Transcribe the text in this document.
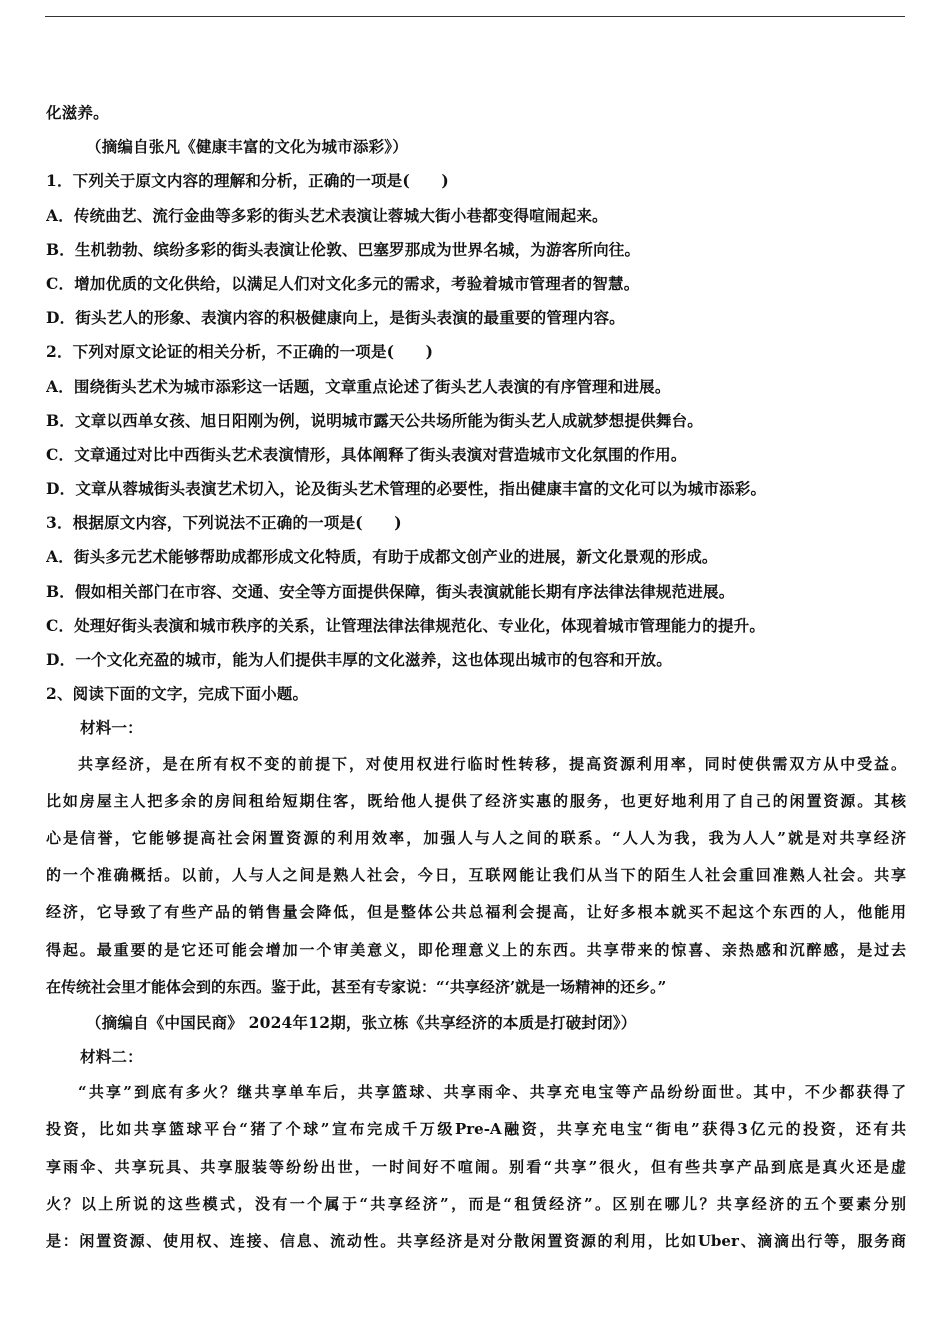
化滋养。
（摘编自张凡《健康丰富的文化为城市添彩》）
1．下列关于原文内容的理解和分析，正确的一项是(　　)
A．传统曲艺、流行金曲等多彩的街头艺术表演让蓉城大街小巷都变得喧闹起来。
B．生机勃勃、缤纷多彩的街头表演让伦敦、巴塞罗那成为世界名城，为游客所向往。
C．增加优质的文化供给，以满足人们对文化多元的需求，考验着城市管理者的智慧。
D．街头艺人的形象、表演内容的积极健康向上，是街头表演的最重要的管理内容。
2．下列对原文论证的相关分析，不正确的一项是(　　)
A．围绕街头艺术为城市添彩这一话题，文章重点论述了街头艺人表演的有序管理和进展。
B．文章以西单女孩、旭日阳刚为例，说明城市露天公共场所能为街头艺人成就梦想提供舞台。
C．文章通过对比中西街头艺术表演情形，具体阐释了街头表演对营造城市文化氛围的作用。
D．文章从蓉城街头表演艺术切入，论及街头艺术管理的必要性，指出健康丰富的文化可以为城市添彩。
3．根据原文内容，下列说法不正确的一项是(　　)
A．街头多元艺术能够帮助成都形成文化特质，有助于成都文创产业的进展，新文化景观的形成。
B．假如相关部门在市容、交通、安全等方面提供保障，街头表演就能长期有序法律法律规范进展。
C．处理好街头表演和城市秩序的关系，让管理法律法律规范化、专业化，体现着城市管理能力的提升。
D．一个文化充盈的城市，能为人们提供丰厚的文化滋养，这也体现出城市的包容和开放。
2、阅读下面的文字，完成下面小题。
材料一：
共享经济，是在所有权不变的前提下，对使用权进行临时性转移，提高资源利用率，同时使供需双方从中受益。
比如房屋主人把多余的房间租给短期住客，既给他人提供了经济实惠的服务，也更好地利用了自己的闲置资源。其核
心是信誉，它能够提高社会闲置资源的利用效率，加强人与人之间的联系。“人人为我，我为人人”就是对共享经济
的一个准确概括。以前，人与人之间是熟人社会，今日，互联网能让我们从当下的陌生人社会重回准熟人社会。共享
经济，它导致了有些产品的销售量会降低，但是整体公共总福利会提高，让好多根本就买不起这个东西的人，他能用
得起。最重要的是它还可能会增加一个审美意义，即伦理意义上的东西。共享带来的惊喜、亲热感和沉醉感，是过去
在传统社会里才能体会到的东西。鉴于此，甚至有专家说：“‘共享经济’就是一场精神的还乡。”
（摘编自《中国民商》 2024年12期，张立栋《共享经济的本质是打破封闭》）
材料二：
“共享”到底有多火？继共享单车后，共享篮球、共享雨伞、共享充电宝等产品纷纷面世。其中，不少都获得了
投资，比如共享篮球平台“猪了个球”宣布完成千万级Pre-A融资，共享充电宝“街电”获得3亿元的投资，还有共
享雨伞、共享玩具、共享服装等纷纷出世，一时间好不喧闹。别看“共享”很火，但有些共享产品到底是真火还是虚
火？以上所说的这些模式，没有一个属于“共享经济”，而是“租赁经济”。区别在哪儿？共享经济的五个要素分别
是：闲置资源、使用权、连接、信息、流动性。共享经济是对分散闲置资源的利用，比如Uber、滴滴出行等，服务商
